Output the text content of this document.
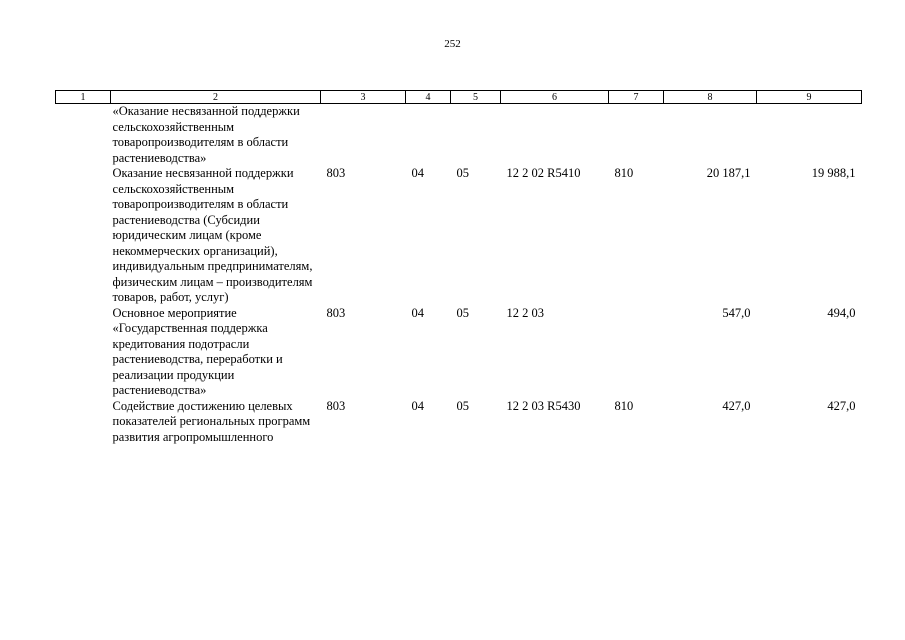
252
1	2	3	4	5	6	7	8	9
	«Оказание несвязанной поддержки сельскохозяйственным товаропроизводителям в области растениеводства»							
	Оказание несвязанной поддержки сельскохозяйственным товаропроизводителям в области растениеводства (Субсидии юридическим лицам (кроме некоммерческих организаций), индивидуальным предпринимателям, физическим лицам – производителям товаров, работ, услуг)	803	04	05	12 2 02 R5410	810	20 187,1	19 988,1
	Основное мероприятие «Государственная поддержка кредитования подотрасли растениеводства, переработки и реализации продукции растениеводства»	803	04	05	12 2 03		547,0	494,0
	Содействие достижению целевых показателей региональных программ развития агропромышленного	803	04	05	12 2 03 R5430	810	427,0	427,0
